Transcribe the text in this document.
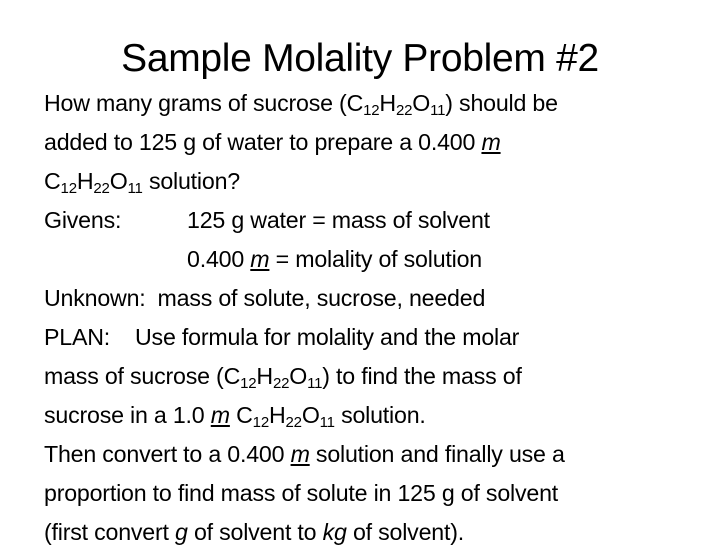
Sample Molality Problem #2
How many grams of sucrose $(C_{12}H_{22}O_{11})$ should be
added to 125 g of water to prepare a 0.400 m
$C_{12}H_{22}O_{11}$ solution?
Givens:	125 g water = mass of solvent
0.400 m = molality of solution
Unknown: mass of solute, sucrose, needed
PLAN: Use formula for molality and the molar
mass of sucrose $(C_{12}H_{22}O_{11})$ to find the mass of
sucrose in a 1.0 m $C_{12}H_{22}O_{11}$ solution.
Then convert to a 0.400 m solution and finally use a
proportion to find mass of solute in 125 g of solvent
(first convert g of solvent to kg of solvent).
